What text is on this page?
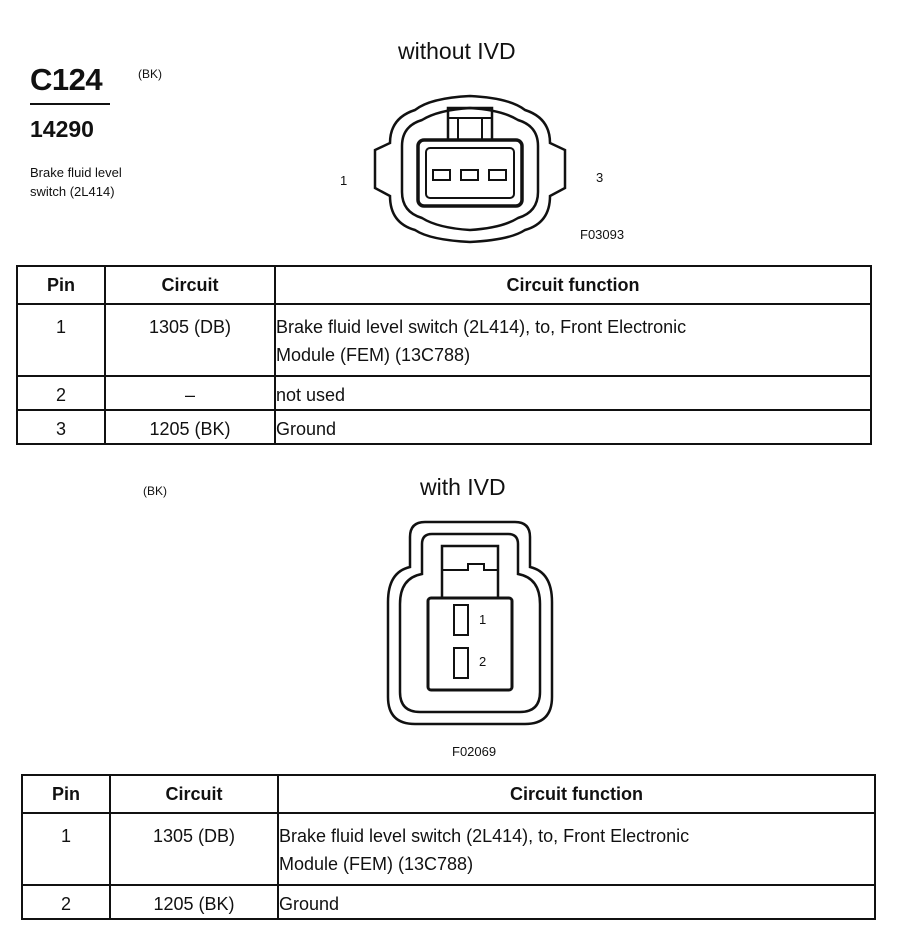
C124	(BK)
14290
Brake fluid level
switch (2L414)
without IVD
1	3
F03093
Pin	Circuit	Circuit function
1	1305 (DB)	Brake fluid level switch (2L414), to, Front Electronic
Module (FEM) (13C788)

2	–	not used
3	1205 (BK)	Ground
(BK)	with IVD
1
2
F02069
Pin	Circuit	Circuit function
1	1305 (DB)	Brake fluid level switch (2L414), to, Front Electronic
Module (FEM) (13C788)

2	1205 (BK)	Ground
